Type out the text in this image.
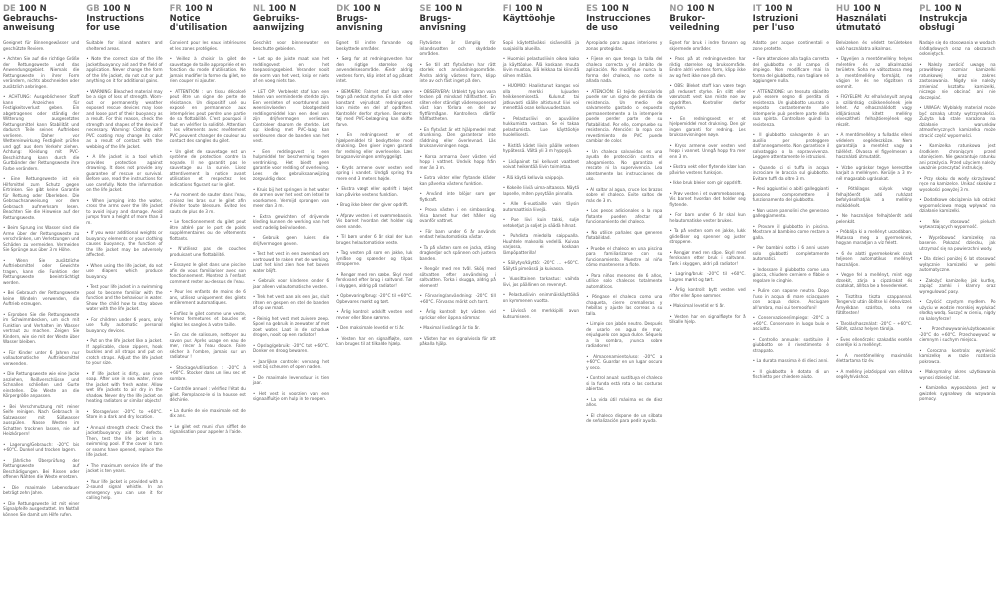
DE 100 N
Gebrauchs-
anweisung

Geeignet für Binnengewässer und geschützte Reviere.

• Achten Sie auf die richtige Größe der Rettungsweste und das Anwendungsgebiet. Niemals die Rettungsweste in ihrer Form verändern, nichts abschneiden oder zusätzlich anbringen.

• ACHTUNG: Ausgeblichener Stoff kann Anzeichen für Festigkeitsverlust geben. Ein abgetragenes oder ständig der Witterung ausgesetztes Rettungsmittel kann Stabilität und dadurch Teile seines Auftriebes verlieren. Daher vor Wettereinwirkung Festigkeit prüfen und ggf. aus dem Verkehr ziehen. Achtung: Kleidung mit PVC-Beschichtung kann durch die Gurtbänder der Rettungsweste ihre Farbe verändern.

• Eine Rettungsweste ist ein Hilfsmittel zum Schutz gegen Ertrinken. Sie gibt keine Garantie für Rettung oder Überleben. Die Gebrauchsanweisung vor dem Gebrauch aufmerksam lesen. Beachten Sie die Hinweise auf der Rettungsweste.

• Beim Sprung ins Wasser sind die Arme über der Rettungsweste zu verschränken, um Verletzungen und Schäden zu vermeiden. Vermeiden Sie Sprünge aus über 3 m Höhe.

• Wenn Sie zusätzliche Auftriebsmittel oder Gewichte tragen, kann die Funktion der Rettungsweste beeinträchtigt werden.

• Bei Gebrauch der Rettungsweste keine Windeln verwenden, die Auftrieb erzeugen.

• Erproben Sie die Rettungsweste im Schwimmbecken, um sich mit Funktion und Verhalten im Wasser vertraut zu machen. Zeigen Sie Kindern, wie sie mit der Weste über Wasser bleiben.

• Für Kinder unter 6 Jahren nur vollautomatische Auftriebsmittel verwenden.

• Die Rettungsweste wie eine Jacke anziehen, Reißverschlüsse und Schnallen schließen und Gurte einstellen. Die Weste an die Körpergröße anpassen.

• Bei Verschmutzung mit reiner Seife reinigen. Nach Gebrauch in Salzwasser mit Süßwasser ausspülen. Nasse Westen im Schatten trocknen lassen, nie auf Heizkörpern!

• Lagerung/Gebrauch: -20°C bis +60°C. Dunkel und trocken lagern.

• Jährliche Überprüfung der Rettungsweste auf Beschädigungen. Bei Rissen oder offenen Nähten die Weste ersetzen.

• Die maximale Lebensdauer beträgt zehn Jahre.

• Die Rettungsweste ist mit einer Signalpfeife ausgestattet. Im Notfall können Sie damit um Hilfe rufen.

GB 100 N
Instructions
for use

Suitable for inland waters and sheltered areas.

• Note the correct size of the life jacket/buoyancy aid and the field of application. Never change the form of the life jacket, do not cut or put anything on it for additional gains.

• WARNING: Bleached material may be a sign of loss of strength. Worn-out or permanently weather exposed rescue devices may lose and loose part of their buoyancy as a result. For this reason, check the strength and shapes of the device if necessary. Warning: Clothing with PVC coating may change its color as a result of contact with the webbing of the life jacket.

• A life jacket is a tool which provides protection against drowning. It does not provide any guarantee of rescue or survival. Before use, read the instructions for use carefully. Note the information on the life jacket.

• When jumping into the water, cross the arms over the life jacket to avoid injury and damage. Avoid jumps from a height of more than 3 m.

• If you wear additional weights or buoyancy elements or your clothing causes buoyancy, the function of the life jacket may be adversely affected.

• When using the life jacket, do not use diapers which produce buoyancy.

• Test your life jacket in a swimming pool to become familiar with the function and the behaviour in water. Show the child how to stay above water with the life jacket.

• For children under 6 years, only use fully automatic personal buoyancy devices.

• Put on the life jacket like a jacket. If applicable, close zippers, hook buckles and all straps and put on crotch straps. Adjust the life jacket to your size.

• If life jacket is dirty, use pure soap. After use in sea water, rinse the jacket with fresh water. Allow wet life jackets to air dry in the shadow. Never dry the life jacket on heating radiators or similar objects!

• Storage/use: -20°C to +60°C. Store in a dark and dry location.

• Annual strength check: Check the jacket/buoyancy aid for defects. Then, test the life jacket in a swimming pool. If the cover is torn or seams have opened, replace the life jacket.

• The maximum service life of the jacket is ten years.

• Your life jacket is provided with a 2-sound signal whistle. In an emergency you can use it for calling help.

FR 100 N
Notice
d'utilisation

Convient pour les eaux intérieures et les zones protégées.

• Veillez à choisir la gilet de sauvetage de taille appropriée et en fonction du mode d'utilisation. Ne jamais modifier la forme du gilet, ne rien couper ni ajouter.

• ATTENTION : un tissu décoloré peut être un signe de perte de résistance. Un dispositif usé ou exposé en permanence aux intempéries peut perdre une partie de sa flottabilité. C'est pourquoi il faut en vérifier la solidité. Attention : les vêtements avec revêtement PVC peuvent changer de couleur au contact des sangles du gilet.

• Un gilet de sauvetage est un système de protection contre la noyade. Il ne garantit pas le sauvetage ou la survie. Lisez attentivement la notice avant utilisation et respectez les indications figurant sur le gilet.

• Au moment de sauter dans l'eau, croisez les bras sur le gilet afin d'éviter toute blessure. Évitez les sauts de plus de 3 m.

• Le fonctionnement du gilet peut être altéré par le port de poids supplémentaires ou de vêtements flottants.

• N'utilisez pas de couches produisant une flottabilité.

• Essayez le gilet dans une piscine afin de vous familiariser avec son fonctionnement. Montrez à l'enfant comment rester au-dessus de l'eau.

• Pour les enfants de moins de 6 ans, utilisez uniquement des gilets entièrement automatiques.

• Enfilez le gilet comme une veste, fermez fermetures et boucles et réglez les sangles à votre taille.

• En cas de salissure, nettoyer au savon pur. Après usage en eau de mer, rincer à l'eau douce. Faire sécher à l'ombre, jamais sur un radiateur !

• Stockage/utilisation : -20°C à +60°C. Stocker dans un lieu sec et sombre.

• Contrôle annuel : vérifiez l'état du gilet. Remplacez-le si la housse est déchirée.

• La durée de vie maximale est de dix ans.

• Le gilet est muni d'un sifflet de signalisation pour appeler à l'aide.

NL 100 N
Gebruiks-
aanwijzing

Geschikt voor binnenwater en beschutte gebieden.

• Let op de juiste maat van het reddingsvest en het toepassingsgebied. Verander nooit de vorm van het vest, knip er niets af en voeg niets toe.

• LET OP: Verbleekt stof kan een teken van verminderde sterkte zijn. Een versleten of voortdurend aan weersinvloeden blootgesteld reddingsmiddel kan een deel van zijn drijfvermogen verliezen. Controleer daarom de sterkte. Let op: kleding met PVC-laag kan verkleuren door de banden van het vest.

• Een reddingsvest is een hulpmiddel ter bescherming tegen verdrinking. Het biedt geen garantie voor redding of overleving. Lees de gebruiksaanwijzing zorgvuldig door.

• Kruis bij het springen in het water de armen over het vest om letsel te voorkomen. Vermijd sprongen van meer dan 3 m.

• Extra gewichten of drijvende kleding kunnen de werking van het vest nadelig beïnvloeden.

• Gebruik geen luiers die drijfvermogen geven.

• Test het vest in een zwembad om vertrouwd te raken met de werking. Laat het kind zien hoe het boven water blijft.

• Gebruik voor kinderen onder 6 jaar alleen volautomatische vesten.

• Trek het vest aan als een jas, sluit ritsen en gespen en stel de banden af op uw maat.

• Reinig het vest met zuivere zeep. Spoel na gebruik in zeewater af met zoet water. Laat in de schaduw drogen, nooit op een radiator!

• Opslag/gebruik: -20°C tot +60°C. Donker en droog bewaren.

• Jaarlijkse controle: vervang het vest bij scheuren of open naden.

• De maximale levensduur is tien jaar.

• Het vest is voorzien van een signaalfluitje om hulp in te roepen.

DK 100 N
Brugs-
anvisning

Egnet til indre farvande og beskyttede områder.

• Sørg for at redningsvesten har den rigtige størrelse og anvendelsesområde. Ændr aldrig vestens form, klip intet af og påsæt intet.

• BEMÆRK: Falmet stof kan være tegn på nedsat styrke. En slidt eller konstant vejrudsat redningsvest kan miste en del af opdriften. Kontrollér derfor styrken. Bemærk: tøj med PVC-belægning kan skifte farve.

• En redningsvest er et hjælpemiddel til beskyttelse mod drukning. Den giver ingen garanti for redning eller overlevelse. Læs brugsanvisningen omhyggeligt.

• Kryds armene over vesten ved spring i vandet. Undgå spring fra mere end 3 meters højde.

• Ekstra vægt eller opdrift i tøjet kan påvirke vestens funktion.

• Brug ikke bleer der giver opdrift.

• Afprøv vesten i et svømmebassin. Vis barnet hvordan det holder sig oven vande.

• Til børn under 6 år skal der kun bruges helautomatiske veste.

• Tag vesten på som en jakke, luk lynlåse og spænder og tilpas stropperne.

• Rengør med ren sæbe. Skyl med ferskvand efter brug i saltvand. Tør i skyggen, aldrig på radiator!

• Opbevaring/brug: -20°C til +60°C. Opbevares mørkt og tørt.

• Årlig kontrol: udskift vesten ved revner eller åbne sømme.

• Den maksimale levetid er ti år.

• Vesten har en signalfløjte, som kan bruges til at tilkalde hjælp.

SE 100 N
Brugs-
anvisning

Flytvästen är lämplig för inlandsvatten och skyddade områden.

• Se till att flytvästen har rätt storlek och användningsområde. Ändra aldrig västens form, klipp inte av och fäst inget på den.

• OBSERVERA: Urblekt tyg kan vara tecken på minskad hållfasthet. En sliten eller ständigt väderexponerad väst kan förlora en del av flytförmågan. Kontrollera därför hållfastheten.

• En flytväst är ett hjälpmedel mot drunkning. Den garanterar inte räddning eller överlevnad. Läs bruksanvisningen noga.

• Korsa armarna över västen vid hopp i vattnet. Undvik hopp från mer än 3 m.

• Extra vikter eller flytande kläder kan påverka västens funktion.

• Använd inte blöjor som ger flytkraft.

• Prova västen i en simbassäng. Visa barnet hur det håller sig ovanför vattnet.

• För barn under 6 år används endast helautomatiska västar.

• Ta på västen som en jacka, stäng dragkedjor och spännen och justera banden.

• Rengör med ren tvål. Skölj med sötvatten efter användning i saltvatten. Torka i skugga, aldrig på element!

• Förvaring/användning: -20°C till +60°C. Förvaras mörkt och torrt.

• Årlig kontroll: byt västen vid sprickor eller öppna sömmar.

• Maximal livslängd är tio år.

• Västen har en signalvissla för att påkalla hjälp.

FI 100 N
Käyttöohje

Sopii käytettäväksi sisävesillä ja suojaisilla alueilla.

• Huomioi pelastusliivin oikea koko ja käyttöalue. Älä koskaan muuta liivin muotoa, älä leikkaa tai kiinnitä siihen mitään.

• HUOMIO: Haalistunut kangas voi olla merkki lujuuden heikkenemisestä. Kulunut tai jatkuvasti säälle altistunut liivi voi menettää osan kelluvuudestaan.

• Pelastusliivi on apuväline hukkumista vastaan. Se ei takaa pelastumista. Lue käyttöohje huolellisesti.

• Ristitä kädet liivin päälle veteen hypätessä. Vältä yli 3 m hyppyjä.

• Lisäpainot tai kelluvat vaatteet voivat heikentää liivin toimintaa.

• Älä käytä kelluvia vaippoja.

• Kokeile liiviä uima-altaassa. Näytä lapselle, miten pysytään pinnalla.

• Alle 6-vuotiaille vain täysin automaattisia liivejä.

• Pue liivi kuin takki, sulje vetoketjut ja soljet ja säädä hihnat.

• Puhdista miedolla saippualla. Huuhtele makealla vedellä. Kuivaa varjossa, ei koskaan lämpöpatterilla!

• Säilytys/käyttö: -20°C … +60°C. Säilytä pimeässä ja kuivassa.

• Vuosittainen tarkastus: vaihda liivi, jos päällinen on revennyt.

• Pelastusliivin enimmäiskäyttöikä on kymmenen vuotta.

• Liivissä on merkkipilli avun kutsumiseen.

ES 100 N
Instrucciones
de uso

Apropiado para aguas interiores y zonas protegidas.

• Fíjese en que tenga la talla del chaleco correcta y el ámbito de aplicación. No modifique nunca la forma del chaleco, no corte ni añada nada.

• ATENCIÓN: El tejido descolorido puede ser un signo de pérdida de resistencia. Un medio de salvamento gastado o expuesto permanentemente a la intemperie puede perder parte de su flotabilidad. Por ello, compruebe su resistencia. Atención: la ropa con revestimiento de PVC puede cambiar de color.

• Un chaleco salvavidas es una ayuda de protección contra el ahogamiento. No garantiza el rescate ni la supervivencia. Lea atentamente las instrucciones de uso.

• Al saltar al agua, cruce los brazos sobre el chaleco. Evite saltos de más de 3 m.

• Los pesos adicionales o la ropa flotante pueden afectar al funcionamiento del chaleco.

• No utilice pañales que generen flotabilidad.

• Pruebe el chaleco en una piscina para familiarizarse con su funcionamiento. Muestre al niño cómo mantenerse a flote.

• Para niños menores de 6 años, utilice solo chalecos totalmente automáticos.

• Póngase el chaleco como una chaqueta, cierre cremalleras y hebillas y ajuste las correas a su talla.

• Limpie con jabón neutro. Después de usarlo en agua de mar, enjuáguelo con agua dulce. Séquelo a la sombra, ¡nunca sobre radiadores!

• Almacenamiento/uso: -20°C a +60°C. Guardar en un lugar oscuro y seco.

• Control anual: sustituya el chaleco si la funda está rota o las costuras abiertas.

• La vida útil máxima es de diez años.

• El chaleco dispone de un silbato de señalización para pedir ayuda.

NO 100 N
Brukor-
veiledning

Egnet for bruk i indre farvann og skjermede områder.

• Pass på at redningsvesten har riktig størrelse og bruksområde. Endre aldri vestens form, klipp ikke av og fest ikke noe på den.

• OBS: Bleket stoff kan være tegn på redusert styrke. En slitt eller værutsatt vest kan miste noe av oppdriften. Kontroller derfor styrken.

• En redningsvest er et hjelpemiddel mot drukning. Den gir ingen garanti for redning. Les bruksanvisningen nøye.

• Kryss armene over vesten ved hopp i vannet. Unngå hopp fra mer enn 3 m.

• Ekstra vekt eller flytende klær kan påvirke vestens funksjon.

• Ikke bruk bleier som gir oppdrift.

• Prøv vesten i et svømmebasseng. Vis barnet hvordan det holder seg flytende.

• For barn under 6 år skal kun helautomatiske vester brukes.

• Ta på vesten som en jakke, lukk glidelåser og spenner og juster stroppene.

• Rengjør med ren såpe. Skyll med ferskvann etter bruk i saltvann. Tørk i skyggen, aldri på radiator!

• Lagring/bruk: -20°C til +60°C. Lagres mørkt og tørt.

• Årlig kontroll: bytt vesten ved rifter eller åpne sømmer.

• Maksimal levetid er ti år.

• Vesten har en signalfløyte for å tilkalle hjelp.

IT 100 N
Istruzioni
per l'uso

Adatto per acque continentali e zone protette.

• Fare attenzione alla taglia corretta del giubbotto e al campo di impiego. Non modificare mai la forma del giubbotto, non tagliare né aggiungere nulla.

• ATTENZIONE: un tessuto sbiadito può essere segno di perdita di resistenza. Un giubbotto usurato o esposto costantemente alle intemperie può perdere parte della sua spinta. Controllare quindi la resistenza.

• Il giubbotto salvagente è un ausilio per proteggere dall'annegamento. Non garantisce il salvataggio o la sopravvivenza. Leggere attentamente le istruzioni.

• Quando ci si tuffa in acqua incrociare le braccia sul giubbotto. Evitare tuffi da oltre 3 m.

• Pesi aggiuntivi o abiti galleggianti possono compromettere il funzionamento del giubbotto.

• Non usare pannolini che generano galleggiamento.

• Provare il giubbotto in piscina. Mostrare al bambino come restare a galla.

• Per bambini sotto i 6 anni usare solo giubbotti completamente automatici.

• Indossare il giubbotto come una giacca, chiudere cerniere e fibbie e regolare le cinghie.

• Pulire con sapone neutro. Dopo l'uso in acqua di mare sciacquare con acqua dolce. Asciugare all'ombra, mai sui termosifoni!

• Conservazione/impiego: -20°C a +60°C. Conservare in luogo buio e asciutto.

• Controllo annuale: sostituire il giubbotto se il rivestimento è strappato.

• La durata massima è di dieci anni.

• Il giubbotto è dotato di un fischietto per chiedere aiuto.

HU 100 N
Használati
útmutató

Belvizeken és védett területeken való használatra alkalmas.

• Ügyeljen a mentőmellény helyes méretére és az alkalmazási területre. Soha ne változtassa meg a mentőmellény formáját, ne vágjon le és ne rögzítsen rá semmit.

• FIGYELEM: Az elhalványult anyag a szilárdság csökkenésének jele lehet. Az elhasználódott vagy időjárásnak kitett mellény elveszítheti felhajtóerejének egy részét.

• A mentőmellény a fulladás elleni védelem segédeszköze. Nem garantálja a mentést vagy a túlélést. Olvassa el figyelmesen a használati útmutatót.

• Vízbe ugráskor tegye keresztbe karjait a mellényen. Kerülje a 3 m-nél magasabb ugrásokat.

• Pótlólagos súlyok vagy felhajtóerőt adó ruházat befolyásolhatják a mellény működését.

• Ne használjon felhajtóerőt adó pelenkát.

• Próbálja ki a mellényt uszodában. Mutassa meg a gyermeknek, hogyan maradjon a víz felett.

• 6 év alatti gyermekeknek csak teljesen automatikus mellényt használjon.

• Vegye fel a mellényt, mint egy dzsekit, zárja a cipzárakat és csatokat, állítsa be a hevedereket.

• Tisztítsa tiszta szappannal. Tengervíz után öblítse ki édesvízzel. Árnyékban szárítsa, soha ne fűtőtesten!

• Tárolás/használat: -20°C – +60°C. Sötét, száraz helyen tárolja.

• Éves ellenőrzés: szakadás esetén cserélje ki a mellényt.

• A mentőmellény maximális élettartama tíz év.

• A mellény jelzősíppal van ellátva segélyhíváshoz.

PL 100 N
Instrukcja
obsługi

Nadaje się do stosowania w wodach śródlądowych oraz na obszarach osłoniętych.

• Należy zwrócić uwagę na prawidłowy rozmiar kamizelki ratunkowej oraz zakres zastosowania. Nigdy nie należy zmieniać kształtu kamizelki, niczego nie obcinać ani nie doczepiać.

• UWAGA: Wyblakły materiał może być oznaką utraty wytrzymałości. Zużyta lub stale narażona na działanie warunków atmosferycznych kamizelka może stracić część wyporności.

• Kamizelka ratunkowa jest środkiem chroniącym przed utonięciem. Nie gwarantuje ratunku ani przeżycia. Przed użyciem należy uważnie przeczytać instrukcję.

• Przy skoku do wody skrzyżować ręce na kamizelce. Unikać skoków z wysokości powyżej 3 m.

• Dodatkowe obciążenia lub odzież wypornościowa mogą wpływać na działanie kamizelki.

• Nie stosować pieluch wytwarzających wyporność.

• Wypróbować kamizelkę na basenie. Pokazać dziecku, jak utrzymać się na powierzchni wody.

• Dla dzieci poniżej 6 lat stosować wyłącznie kamizelki w pełni automatyczne.

• Założyć kamizelkę jak kurtkę, zapiąć zamki i klamry oraz wyregulować pasy.

• Czyścić czystym mydłem. Po użyciu w wodzie morskiej wypłukać słodką wodą. Suszyć w cieniu, nigdy na kaloryferze!

• Przechowywanie/użytkowanie: -20°C do +60°C. Przechowywać w ciemnym i suchym miejscu.

• Coroczna kontrola: wymienić kamizelkę w razie rozdarcia pokrowca.

• Maksymalny okres użytkowania wynosi dziesięć lat.

• Kamizelka wyposażona jest w gwizdek sygnałowy do wzywania pomocy.
